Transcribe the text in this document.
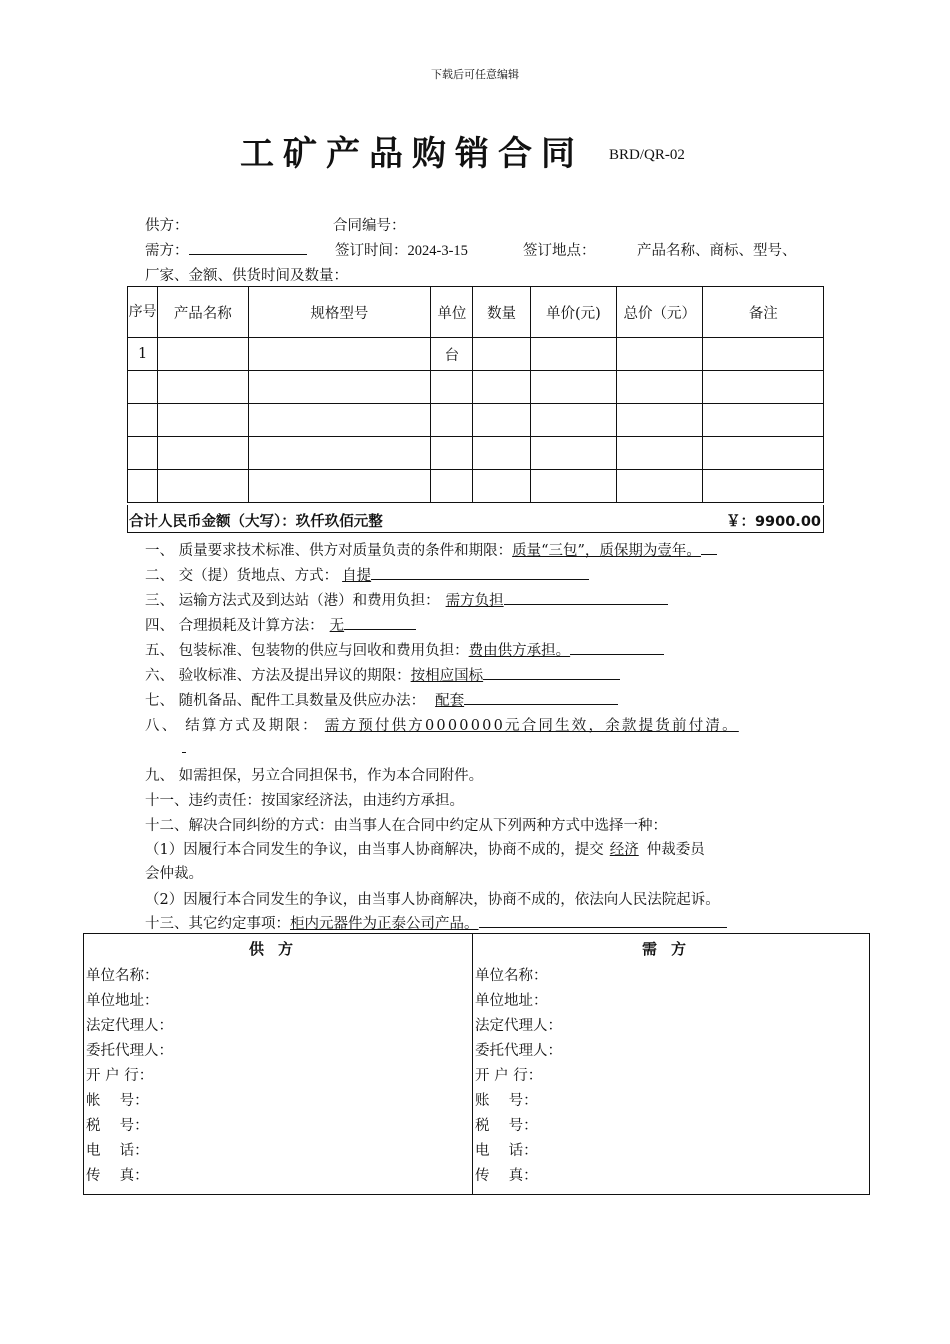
下载后可任意编辑
工矿产品购销合同 BRD/QR-02
供方：	合同编号：
需方：	签订时间：2024-3-15	签订地点：	产品名称、商标、型号、
厂家、金额、供货时间及数量：
序号	产品名称	规格型号	单位	数量	单价(元)	总价（元）	备注
1			台				

合计人民币金额（大写）：玖仟玖佰元整	￥：9900.00
一、 质量要求技术标准、供方对质量负责的条件和期限：质量“三包”，质保期为壹年。
二、 交（提）货地点、方式： 自提
三、 运输方法式及到达站（港）和费用负担： 需方负担
四、 合理损耗及计算方法： 无
五、 包装标准、包装物的供应与回收和费用负担：费由供方承担。
六、 验收标准、方法及提出异议的期限：按相应国标
七、 随机备品、配件工具数量及供应办法： 配套
八、 结算方式及期限： 需方预付供方0000000元合同生效，余款提货前付清。
九、 如需担保，另立合同担保书，作为本合同附件。
十一、违约责任：按国家经济法，由违约方承担。
十二、解决合同纠纷的方式：由当事人在合同中约定从下列两种方式中选择一种：
（1）因履行本合同发生的争议，由当事人协商解决，协商不成的，提交 经济 仲裁委员
会仲裁。
（2）因履行本合同发生的争议，由当事人协商解决，协商不成的，依法向人民法院起诉。
十三、其它约定事项：柜内元器件为正泰公司产品。
供方
单位名称：
单位地址：
法定代理人：
委托代理人：
开 户 行：
帐　 号：
税　 号：
电　 话：
传　 真：
需方
单位名称：
单位地址：
法定代理人：
委托代理人：
开 户 行：
账　 号：
税　 号：
电　 话：
传　 真：
